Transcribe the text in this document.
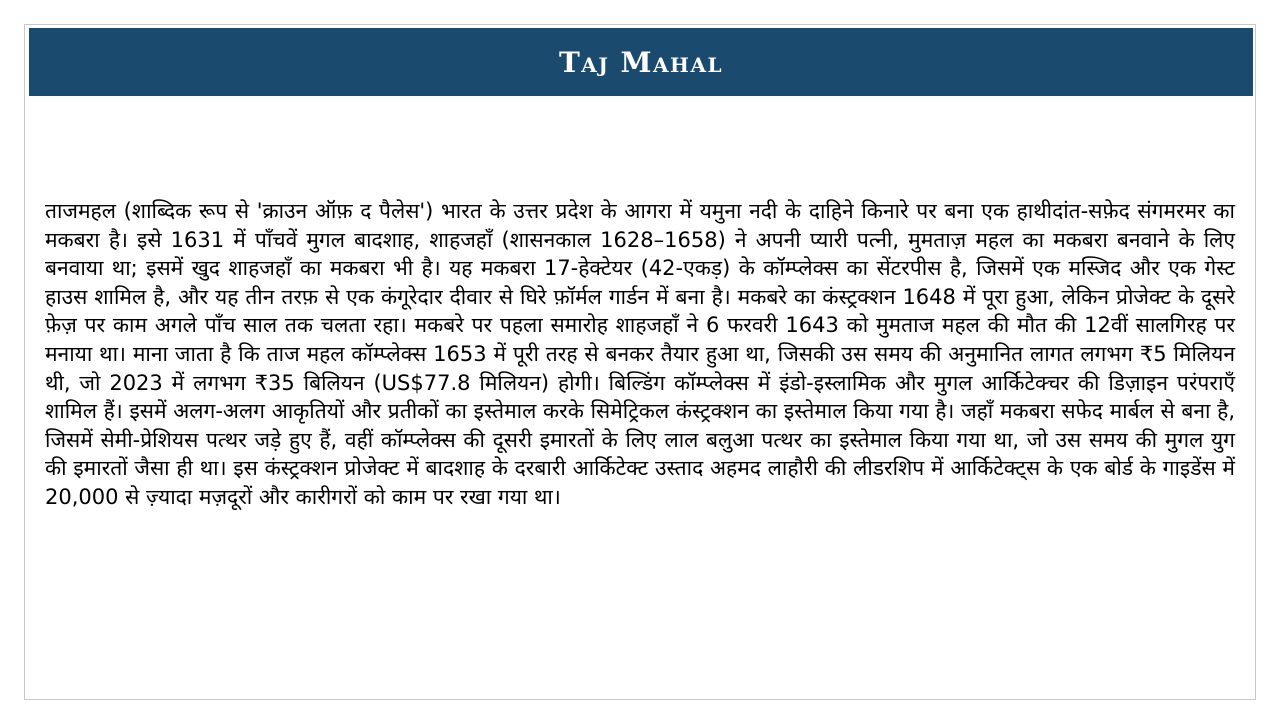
Taj Mahal

ताजमहल (शाब्दिक रूप से 'क्राउन ऑफ़ द पैलेस') भारत के उत्तर प्रदेश के आगरा में यमुना नदी के दाहिने किनारे पर बना एक हाथीदांत-सफ़ेद संगमरमर का मकबरा है। इसे 1631 में पाँचवें मुगल बादशाह, शाहजहाँ (शासनकाल 1628–1658) ने अपनी प्यारी पत्नी, मुमताज़ महल का मकबरा बनवाने के लिए बनवाया था; इसमें खुद शाहजहाँ का मकबरा भी है। यह मकबरा 17-हेक्टेयर (42-एकड़) के कॉम्प्लेक्स का सेंटरपीस है, जिसमें एक मस्जिद और एक गेस्ट हाउस शामिल है, और यह तीन तरफ़ से एक कंगूरेदार दीवार से घिरे फ़ॉर्मल गार्डन में बना है। मकबरे का कंस्ट्रक्शन 1648 में पूरा हुआ, लेकिन प्रोजेक्ट के दूसरे फ़ेज़ पर काम अगले पाँच साल तक चलता रहा। मकबरे पर पहला समारोह शाहजहाँ ने 6 फरवरी 1643 को मुमताज महल की मौत की 12वीं सालगिरह पर मनाया था। माना जाता है कि ताज महल कॉम्प्लेक्स 1653 में पूरी तरह से बनकर तैयार हुआ था, जिसकी उस समय की अनुमानित लागत लगभग ₹5 मिलियन थी, जो 2023 में लगभग ₹35 बिलियन (US$77.8 मिलियन) होगी। बिल्डिंग कॉम्प्लेक्स में इंडो-इस्लामिक और मुगल आर्किटेक्चर की डिज़ाइन परंपराएँ शामिल हैं। इसमें अलग-अलग आकृतियों और प्रतीकों का इस्तेमाल करके सिमेट्रिकल कंस्ट्रक्शन का इस्तेमाल किया गया है। जहाँ मकबरा सफेद मार्बल से बना है, जिसमें सेमी-प्रेशियस पत्थर जड़े हुए हैं, वहीं कॉम्प्लेक्स की दूसरी इमारतों के लिए लाल बलुआ पत्थर का इस्तेमाल किया गया था, जो उस समय की मुगल युग की इमारतों जैसा ही था। इस कंस्ट्रक्शन प्रोजेक्ट में बादशाह के दरबारी आर्किटेक्ट उस्ताद अहमद लाहौरी की लीडरशिप में आर्किटेक्ट्स के एक बोर्ड के गाइडेंस में 20,000 से ज़्यादा मज़दूरों और कारीगरों को काम पर रखा गया था।
